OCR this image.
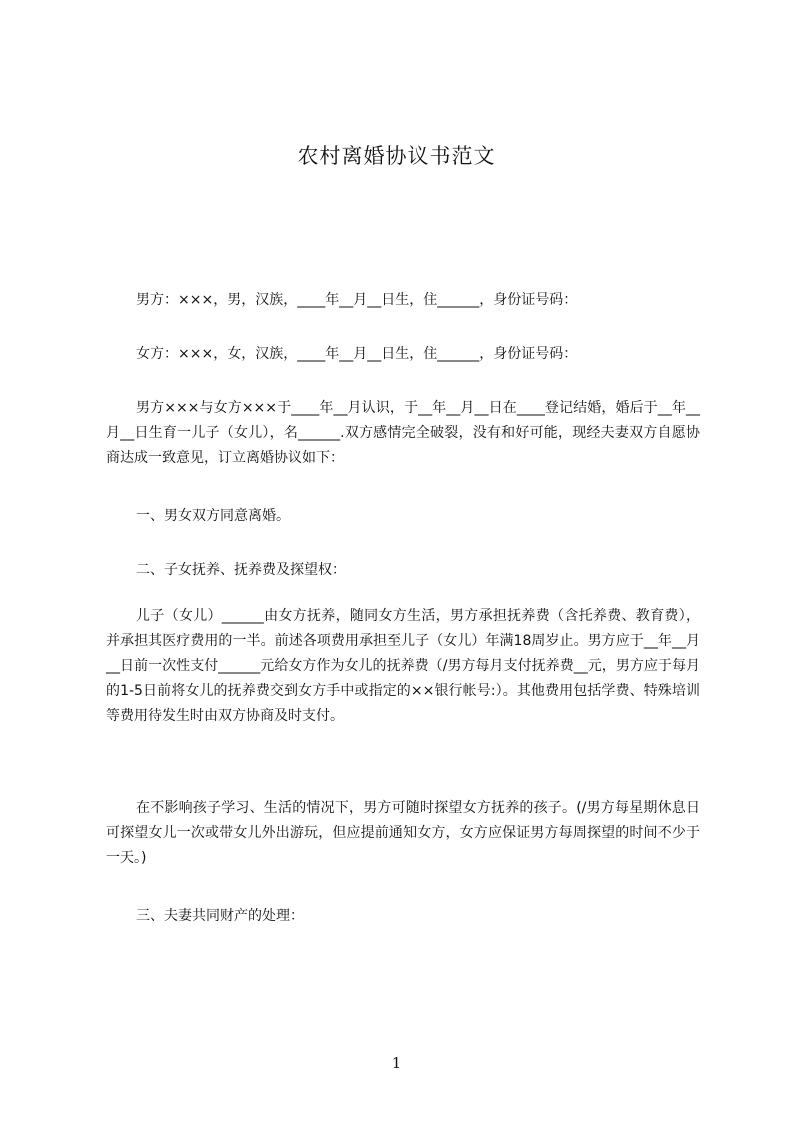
农村离婚协议书范文

男方：×××，男，汉族，____年__月__日生，住______，身份证号码：

女方：×××，女，汉族，____年__月__日生，住______，身份证号码：

男方×××与女方×××于____年__月认识，于__年__月__日在____登记结婚，婚后于__年__月__日生育一儿子（女儿），名______.双方感情完全破裂，没有和好可能，现经夫妻双方自愿协商达成一致意见，订立离婚协议如下：

一、男女双方同意离婚。

二、子女抚养、抚养费及探望权：

儿子（女儿）______由女方抚养，随同女方生活，男方承担抚养费（含托养费、教育费），并承担其医疗费用的一半。前述各项费用承担至儿子（女儿）年满18周岁止。男方应于__年__月__日前一次性支付______元给女方作为女儿的抚养费（/男方每月支付抚养费__元，男方应于每月的1-5日前将女儿的抚养费交到女方手中或指定的××银行帐号:）。其他费用包括学费、特殊培训等费用待发生时由双方协商及时支付。

在不影响孩子学习、生活的情况下，男方可随时探望女方抚养的孩子。(/男方每星期休息日可探望女儿一次或带女儿外出游玩，但应提前通知女方，女方应保证男方每周探望的时间不少于一天。)

三、夫妻共同财产的处理：

1
